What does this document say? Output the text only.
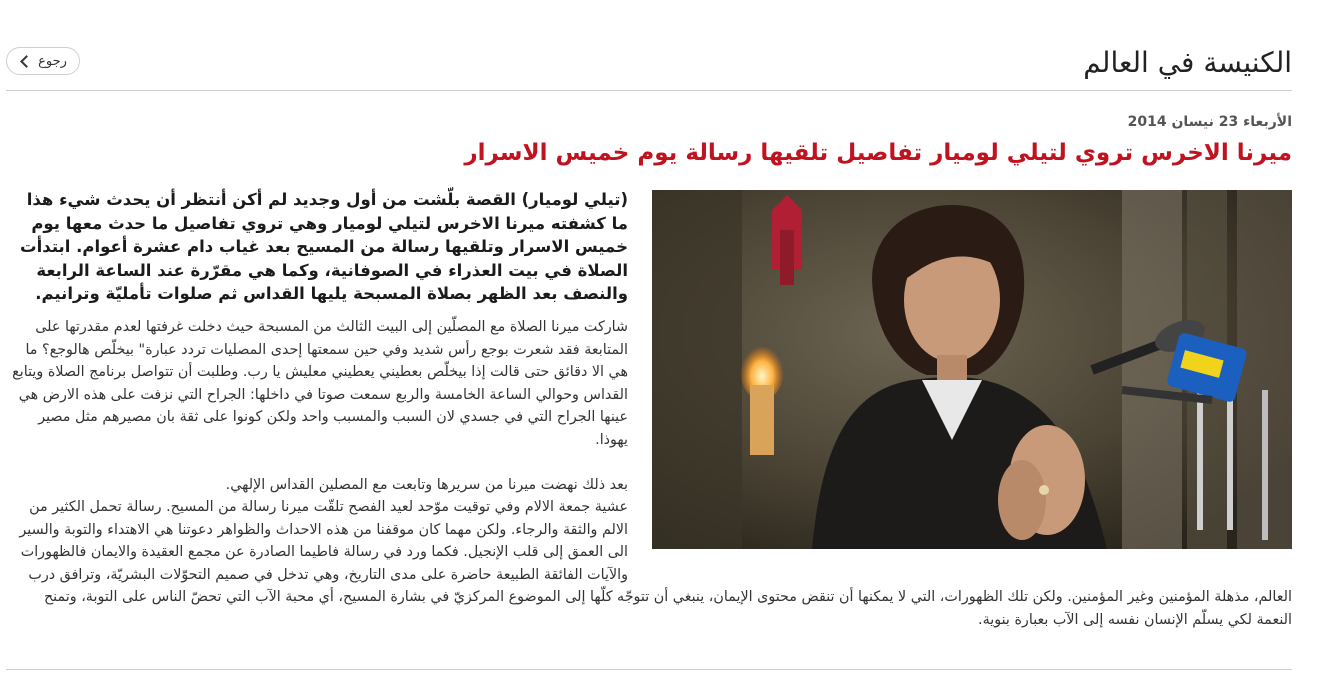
الكنيسة في العالم
رجوع
الأربعاء 23 نيسان 2014
ميرنا الاخرس تروي لتيلي لوميار تفاصيل تلقيها رسالة يوم خميس الاسرار

(تيلي لوميار) القصة بلّشت من أول وجديد لم أكن أنتظر أن يحدث شيء هذا ما كشفته ميرنا الاخرس لتيلي لوميار وهي تروي تفاصيل ما حدث معها يوم خميس الاسرار وتلقيها رسالة من المسيح بعد غياب دام عشرة أعوام. ابتدأت الصلاة في بيت العذراء في الصوفانية، وكما هي مقرّرة عند الساعة الرابعة والنصف بعد الظهر بصلاة المسبحة يليها القداس ثم صلوات تأمليّة وترانيم.

شاركت ميرنا الصلاة مع المصلّين إلى البيت الثالث من المسبحة حيث دخلت غرفتها لعدم مقدرتها على المتابعة فقد شعرت بوجع رأس شديد وفي حين سمعتها إحدى المصليات تردد عبارة" بيخلّص هالوجع؟ ما هي الا دقائق حتى قالت إذا بيخلّص بعطيني يعطيني معليش يا رب. وطلبت أن تتواصل برنامج الصلاة ويتابع القداس وحوالي الساعة الخامسة والربع سمعت صوتا في داخلها: الجراح التي نزفت على هذه الارض هي عينها الجراح التي في جسدي لان السبب والمسبب واحد ولكن كونوا على ثقة بان مصيرهم مثل مصير يهوذا.

بعد ذلك نهضت ميرنا من سريرها وتابعت مع المصلين القداس الإلهي.

عشية جمعة الالام وفي توقيت موّحد لعيد الفصح تلقّت ميرنا رسالة من المسيح. رسالة تحمل الكثير من الالم والثقة والرجاء. ولكن مهما كان موقفنا من هذه الاحداث والظواهر دعوتنا هي الاهتداء والتوبة والسير الى العمق إلى قلب الإنجيل. فكما ورد في رسالة فاطيما الصادرة عن مجمع العقيدة والايمان فالظهورات والآيات الفائقة الطبيعة حاضرة على مدى التاريخ، وهي تدخل في صميم التحوّلات البشريّة، وترافق درب

العالم، مذهلة المؤمنين وغير المؤمنين. ولكن تلك الظهورات، التي لا يمكنها أن تنقض محتوى الإيمان، ينبغي أن تتوجّه كلّها إلى الموضوع المركزيّ في بشارة المسيح، أي محبة الآب التي تحضّ الناس على التوبة، وتمنح النعمة لكي يسلّم الإنسان نفسه إلى الآب بعبارة بنوية.
